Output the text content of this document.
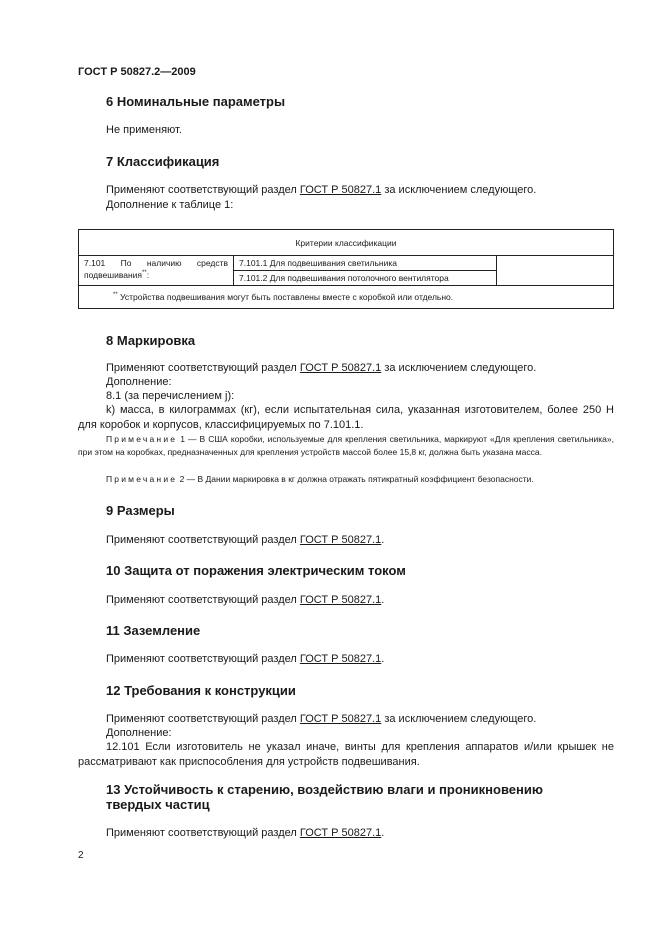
ГОСТ Р 50827.2—2009
6 Номинальные параметры
Не применяют.
7 Классификация
Применяют соответствующий раздел ГОСТ Р 50827.1 за исключением следующего.
Дополнение к таблице 1:
Критерии классификации
7.101 По наличию средств подвешивания**:	7.101.1 Для подвешивания светильника	
7.101.2 Для подвешивания потолочного вентилятора
** Устройства подвешивания могут быть поставлены вместе с коробкой или отдельно.
8 Маркировка
Применяют соответствующий раздел ГОСТ Р 50827.1 за исключением следующего.
Дополнение:
8.1 (за перечислением j):
k) масса, в килограммах (кг), если испытательная сила, указанная изготовителем, более 250 Н для коробок и корпусов, классифицируемых по 7.101.1.
Примечание 1 — В США коробки, используемые для крепления светильника, маркируют «Для крепления светильника», при этом на коробках, предназначенных для крепления устройств массой более 15,8 кг, должна быть указана масса.
Примечание 2 — В Дании маркировка в кг должна отражать пятикратный коэффициент безопасности.
9 Размеры
Применяют соответствующий раздел ГОСТ Р 50827.1.
10 Защита от поражения электрическим током
Применяют соответствующий раздел ГОСТ Р 50827.1.
11 Заземление
Применяют соответствующий раздел ГОСТ Р 50827.1.
12 Требования к конструкции
Применяют соответствующий раздел ГОСТ Р 50827.1 за исключением следующего.
Дополнение:
12.101 Если изготовитель не указал иначе, винты для крепления аппаратов и/или крышек не рассматривают как приспособления для устройств подвешивания.
13 Устойчивость к старению, воздействию влаги и проникновению
твердых частиц
Применяют соответствующий раздел ГОСТ Р 50827.1.
2
